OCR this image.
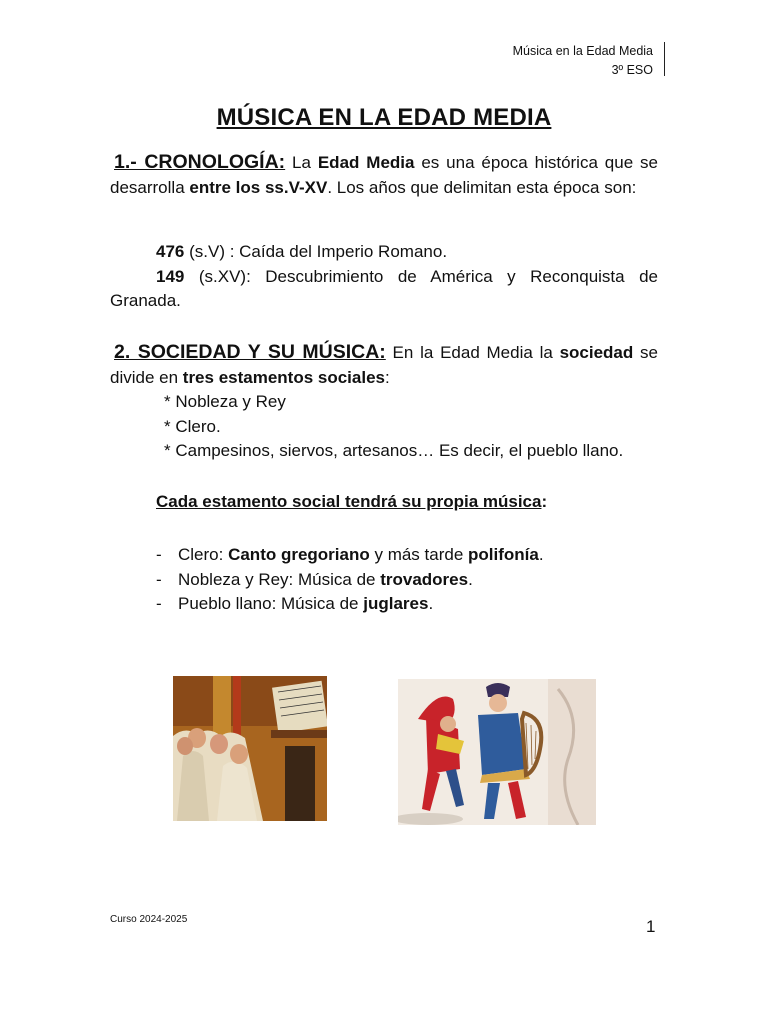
Música en la Edad Media
3º ESO
MÚSICA EN LA EDAD MEDIA

1.- CRONOLOGÍA: La Edad Media es una época histórica que se desarrolla entre los ss.V-XV. Los años que delimitan esta época son:

476 (s.V) : Caída del Imperio Romano.

149 (s.XV): Descubrimiento de América y Reconquista de Granada.

2. SOCIEDAD Y SU MÚSICA: En la Edad Media la sociedad se divide en tres estamentos sociales:

* Nobleza y Rey

* Clero.

* Campesinos, siervos, artesanos… Es decir, el pueblo llano.

Cada estamento social tendrá su propia música:

- Clero: Canto gregoriano y más tarde polifonía.
- Nobleza y Rey: Música de trovadores.
- Pueblo llano: Música de juglares.
Curso 2024-2025	1
